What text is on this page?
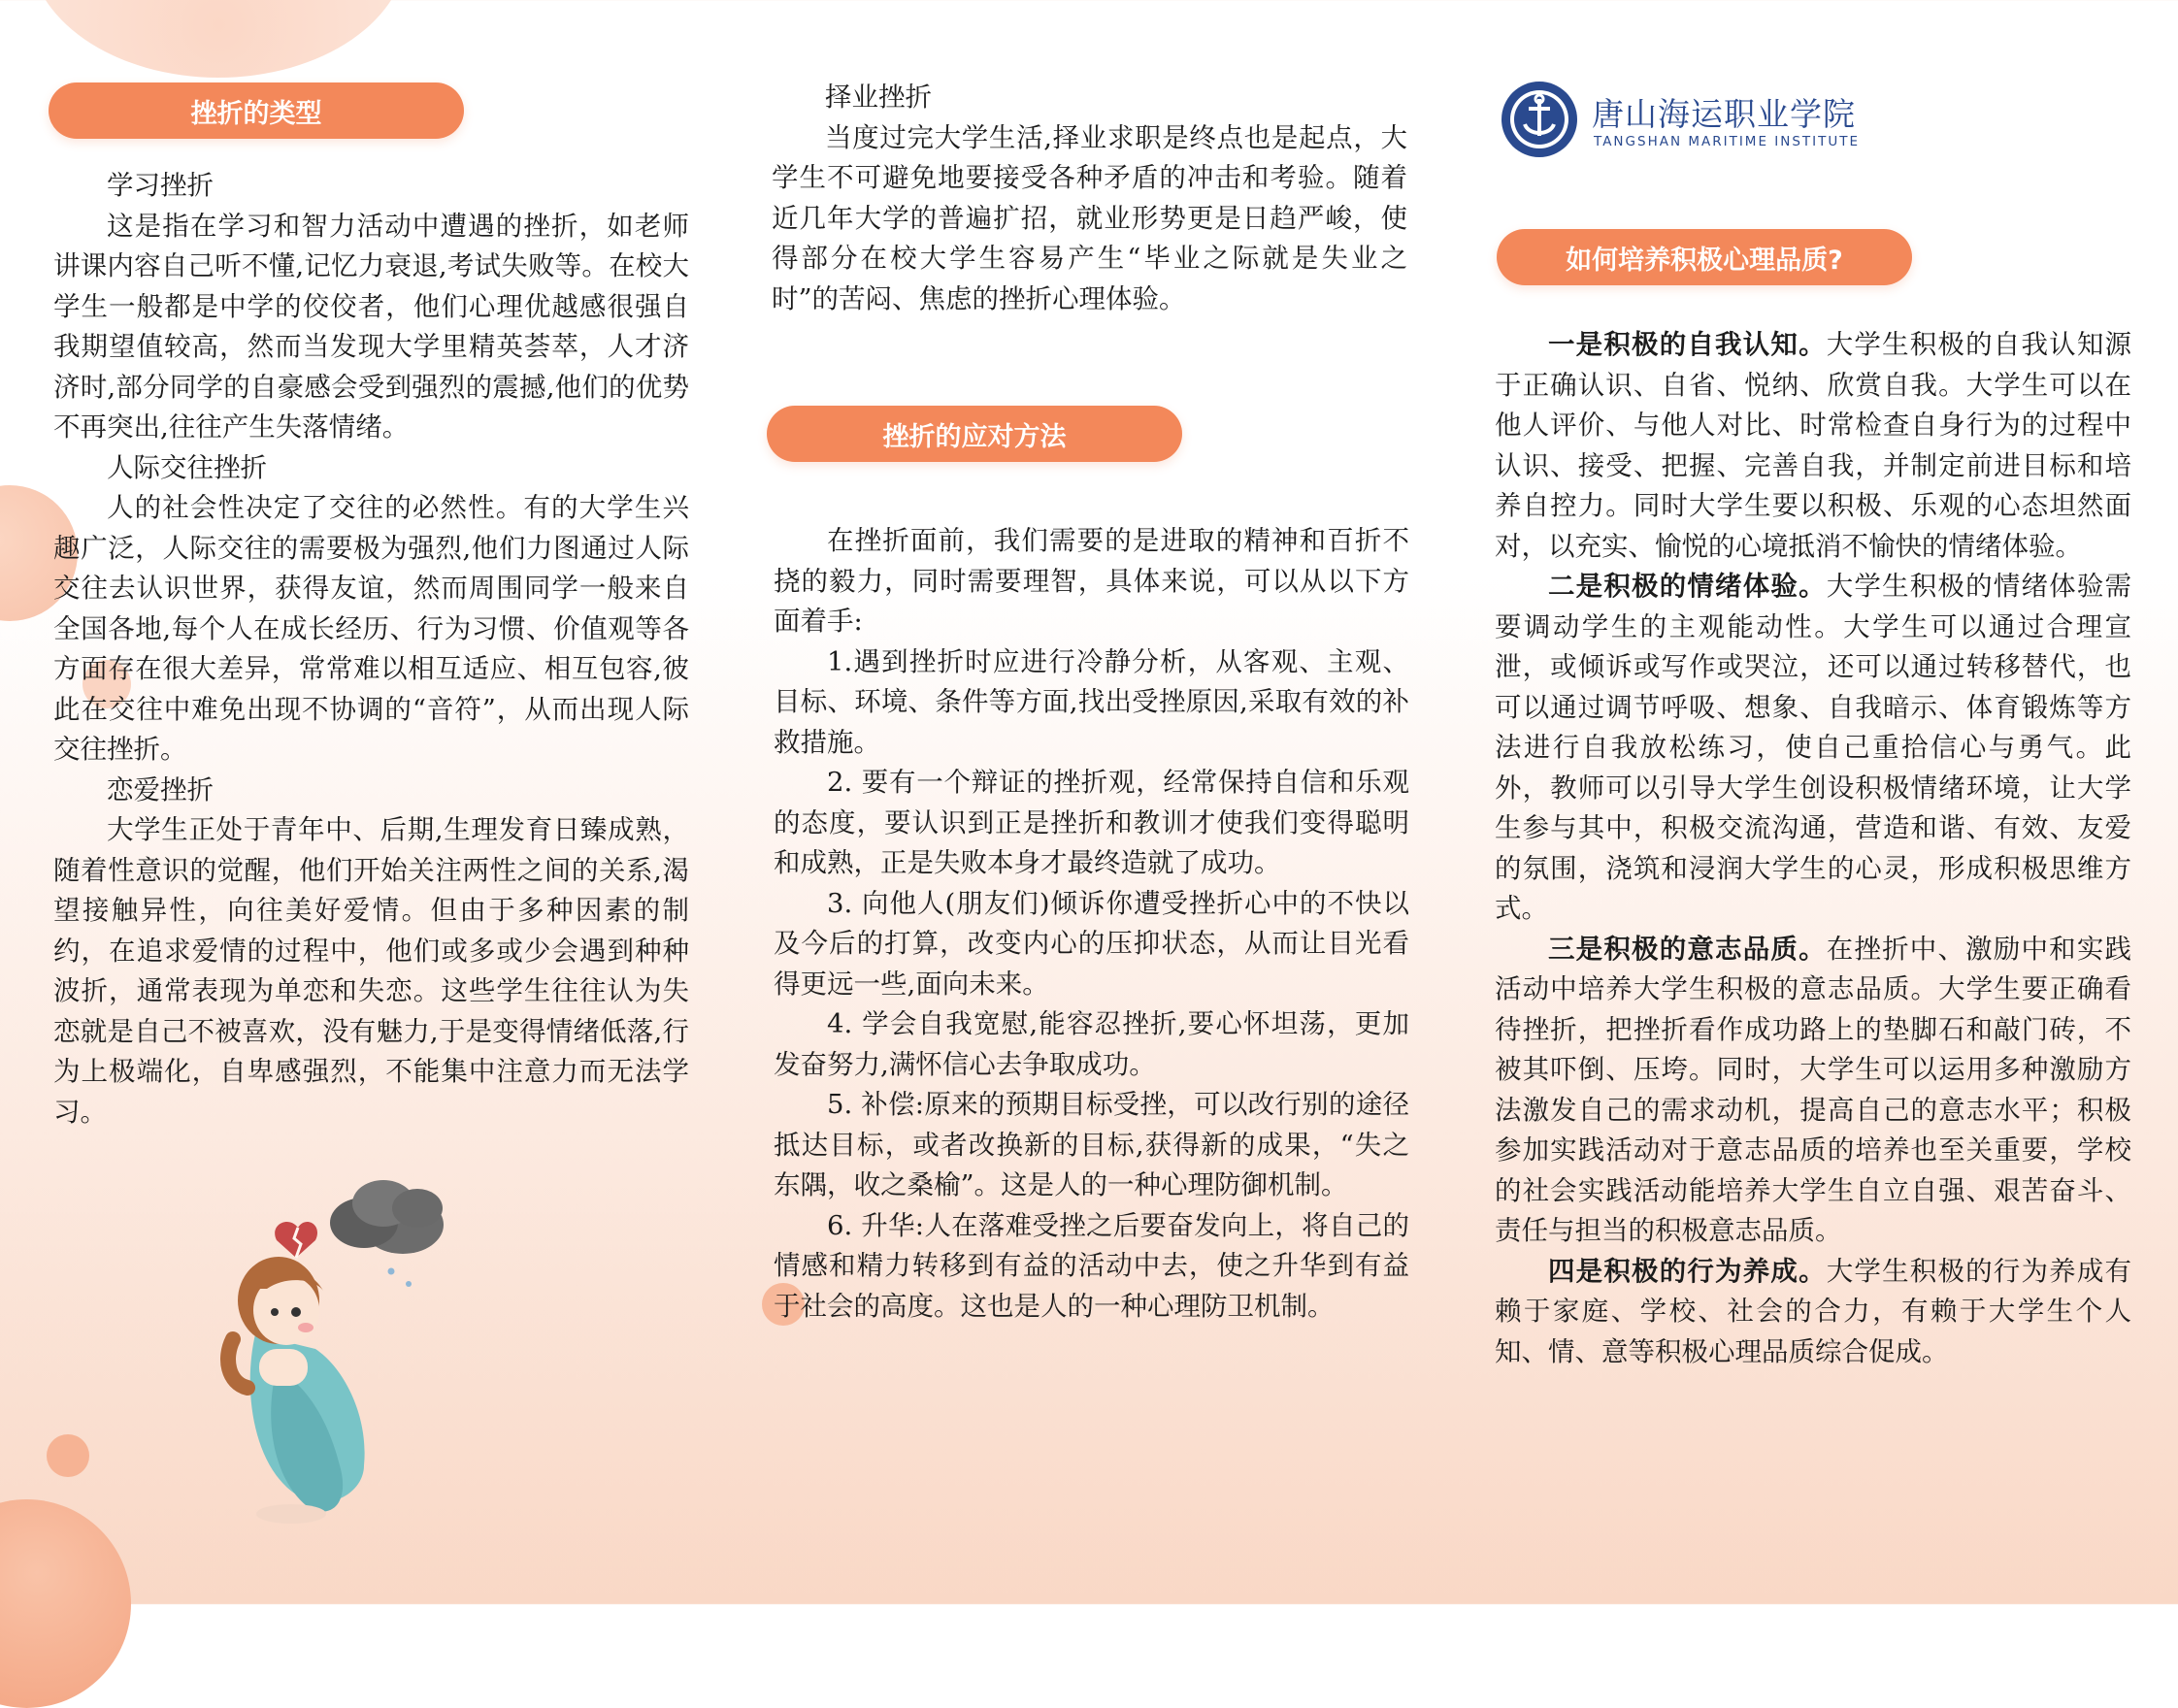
挫折的类型

学习挫折

这是指在学习和智力活动中遭遇的挫折，如老师讲课内容自己听不懂,记忆力衰退,考试失败等。在校大学生一般都是中学的佼佼者，他们心理优越感很强自我期望值较高，然而当发现大学里精英荟萃，人才济济时,部分同学的自豪感会受到强烈的震撼,他们的优势不再突出,往往产生失落情绪。

人际交往挫折

人的社会性决定了交往的必然性。有的大学生兴趣广泛，人际交往的需要极为强烈,他们力图通过人际交往去认识世界，获得友谊，然而周围同学一般来自全国各地,每个人在成长经历、行为习惯、价值观等各方面存在很大差异，常常难以相互适应、相互包容,彼此在交往中难免出现不协调的“音符”，从而出现人际交往挫折。

恋爱挫折

大学生正处于青年中、后期,生理发育日臻成熟，随着性意识的觉醒，他们开始关注两性之间的关系,渴望接触异性，向往美好爱情。但由于多种因素的制约，在追求爱情的过程中，他们或多或少会遇到种种波折，通常表现为单恋和失恋。这些学生往往认为失恋就是自己不被喜欢，没有魅力,于是变得情绪低落,行为上极端化，自卑感强烈，不能集中注意力而无法学习。

择业挫折

当度过完大学生活,择业求职是终点也是起点，大学生不可避免地要接受各种矛盾的冲击和考验。随着近几年大学的普遍扩招，就业形势更是日趋严峻，使得部分在校大学生容易产生“毕业之际就是失业之时”的苦闷、焦虑的挫折心理体验。

挫折的应对方法

在挫折面前，我们需要的是进取的精神和百折不挠的毅力，同时需要理智，具体来说，可以从以下方面着手:

1.遇到挫折时应进行冷静分析，从客观、主观、目标、环境、条件等方面,找出受挫原因,采取有效的补救措施。

2. 要有一个辩证的挫折观，经常保持自信和乐观的态度，要认识到正是挫折和教训才使我们变得聪明和成熟，正是失败本身才最终造就了成功。

3. 向他人(朋友们)倾诉你遭受挫折心中的不快以及今后的打算，改变内心的压抑状态，从而让目光看得更远一些,面向未来。

4. 学会自我宽慰,能容忍挫折,要心怀坦荡，更加发奋努力,满怀信心去争取成功。

5. 补偿:原来的预期目标受挫，可以改行别的途径抵达目标，或者改换新的目标,获得新的成果，“失之东隅，收之桑榆”。这是人的一种心理防御机制。

6. 升华:人在落难受挫之后要奋发向上，将自己的情感和精力转移到有益的活动中去，使之升华到有益于社会的高度。这也是人的一种心理防卫机制。

唐山海运职业学院
TANGSHAN MARITIME INSTITUTE
如何培养积极心理品质?

一是积极的自我认知。大学生积极的自我认知源于正确认识、自省、悦纳、欣赏自我。大学生可以在他人评价、与他人对比、时常检查自身行为的过程中认识、接受、把握、完善自我，并制定前进目标和培养自控力。同时大学生要以积极、乐观的心态坦然面对，以充实、愉悦的心境抵消不愉快的情绪体验。

二是积极的情绪体验。大学生积极的情绪体验需要调动学生的主观能动性。大学生可以通过合理宣泄，或倾诉或写作或哭泣，还可以通过转移替代，也可以通过调节呼吸、想象、自我暗示、体育锻炼等方法进行自我放松练习，使自己重拾信心与勇气。此外，教师可以引导大学生创设积极情绪环境，让大学生参与其中，积极交流沟通，营造和谐、有效、友爱的氛围，浇筑和浸润大学生的心灵，形成积极思维方式。

三是积极的意志品质。在挫折中、激励中和实践活动中培养大学生积极的意志品质。大学生要正确看待挫折，把挫折看作成功路上的垫脚石和敲门砖，不被其吓倒、压垮。同时，大学生可以运用多种激励方法激发自己的需求动机，提高自己的意志水平；积极参加实践活动对于意志品质的培养也至关重要，学校的社会实践活动能培养大学生自立自强、艰苦奋斗、责任与担当的积极意志品质。

四是积极的行为养成。大学生积极的行为养成有赖于家庭、学校、社会的合力，有赖于大学生个人知、情、意等积极心理品质综合促成。
